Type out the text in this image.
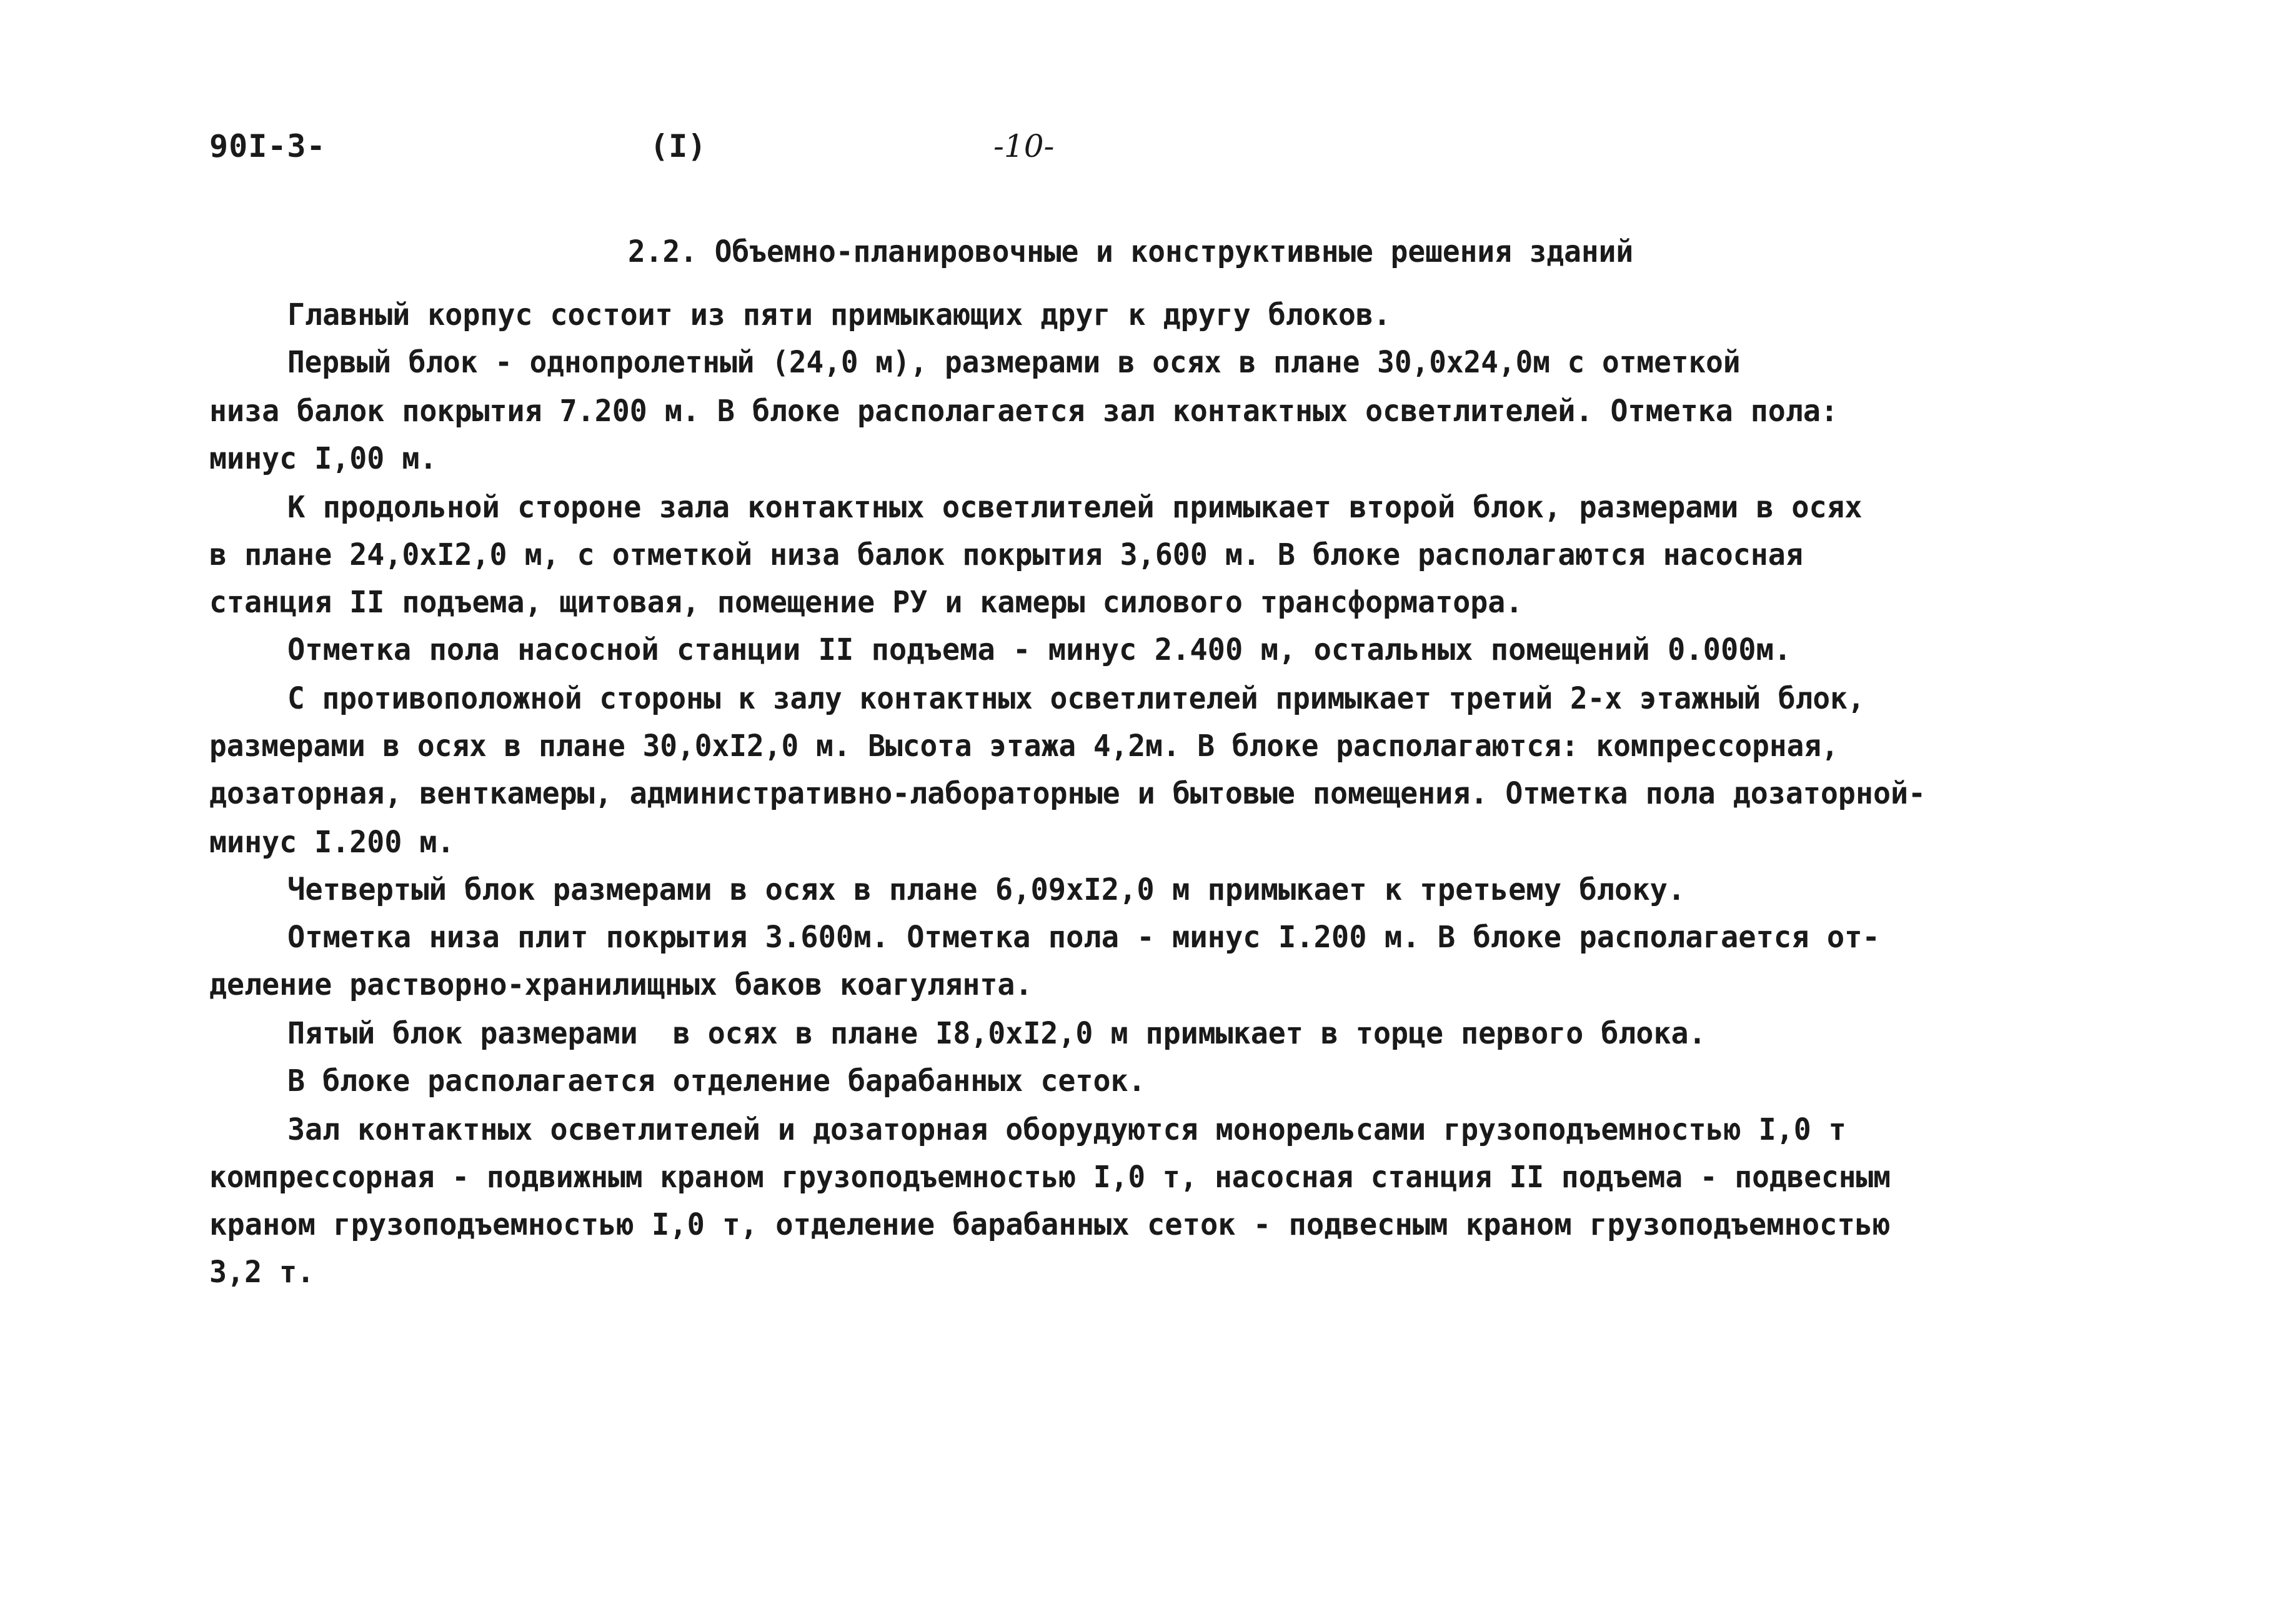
90I-3-	(I)	-10-
2.2. Объемно-планировочные и конструктивные решения зданий
Главный корпус состоит из пяти примыкающих друг к другу блоков.
Первый блок - однопролетный (24,0 м), размерами в осях в плане 30,0х24,0м с отметкой
низа балок покрытия 7.200 м. В блоке располагается зал контактных осветлителей. Отметка пола:
минус I,00 м.
К продольной стороне зала контактных осветлителей примыкает второй блок, размерами в осях
в плане 24,0хI2,0 м, с отметкой низа балок покрытия 3,600 м. В блоке располагаются насосная
станция II подъема, щитовая, помещение РУ и камеры силового трансформатора.
Отметка пола насосной станции II подъема - минус 2.400 м, остальных помещений 0.000м.
С противоположной стороны к залу контактных осветлителей примыкает третий 2-х этажный блок,
размерами в осях в плане 30,0хI2,0 м. Высота этажа 4,2м. В блоке располагаются: компрессорная,
дозаторная, венткамеры, административно-лабораторные и бытовые помещения. Отметка пола дозаторной-
минус I.200 м.
Четвертый блок размерами в осях в плане 6,09хI2,0 м примыкает к третьему блоку.
Отметка низа плит покрытия 3.600м. Отметка пола - минус I.200 м. В блоке располагается от-
деление растворно-хранилищных баков коагулянта.
Пятый блок размерами  в осях в плане I8,0хI2,0 м примыкает в торце первого блока.
В блоке располагается отделение барабанных сеток.
Зал контактных осветлителей и дозаторная оборудуются монорельсами грузоподъемностью I,0 т
компрессорная - подвижным краном грузоподъемностью I,0 т, насосная станция II подъема - подвесным
краном грузоподъемностью I,0 т, отделение барабанных сеток - подвесным краном грузоподъемностью
3,2 т.
